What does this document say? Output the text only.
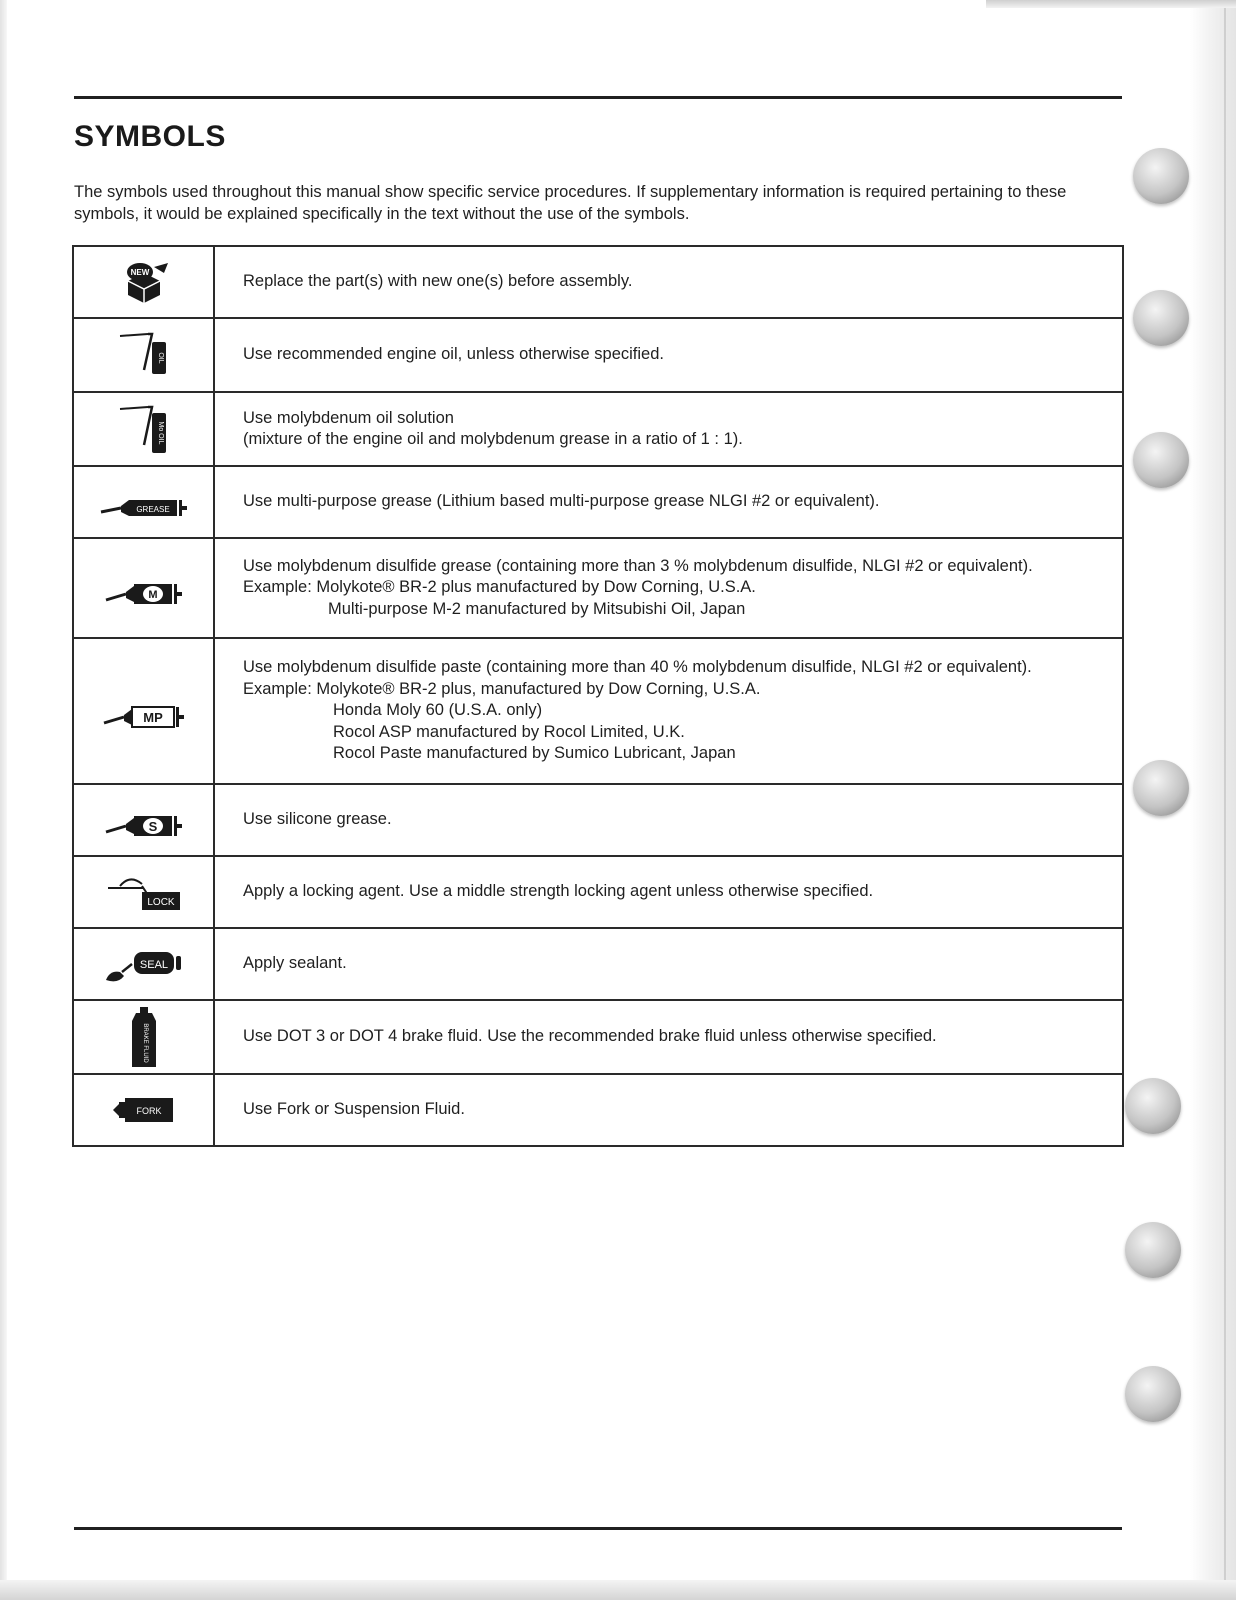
SYMBOLS

The symbols used throughout this manual show specific service procedures. If supplementary information is required pertaining to these symbols, it would be explained specifically in the text without the use of the symbols.

NEW	Replace the part(s) with new one(s) before assembly.

OIL	Use recommended engine oil, unless otherwise specified.

Mo OIL	Use molybdenum oil solution
(mixture of the engine oil and molybdenum grease in a ratio of 1 : 1).

GREASE	Use multi-purpose grease (Lithium based multi-purpose grease NLGI #2 or equivalent).

M	Use molybdenum disulfide grease (containing more than 3 % molybdenum disulfide, NLGI #2 or equivalent).
Example: Molykote® BR-2 plus manufactured by Dow Corning, U.S.A.
Multi-purpose M-2 manufactured by Mitsubishi Oil, Japan

MP	Use molybdenum disulfide paste (containing more than 40 % molybdenum disulfide, NLGI #2 or equivalent).
Example: Molykote® BR-2 plus, manufactured by Dow Corning, U.S.A.
Honda Moly 60 (U.S.A. only)
Rocol ASP manufactured by Rocol Limited, U.K.
Rocol Paste manufactured by Sumico Lubricant, Japan

S	Use silicone grease.

LOCK	Apply a locking agent. Use a middle strength locking agent unless otherwise specified.

SEAL	Apply sealant.

BRAKE FLUID	Use DOT 3 or DOT 4 brake fluid. Use the recommended brake fluid unless otherwise specified.

FORK	Use Fork or Suspension Fluid.
